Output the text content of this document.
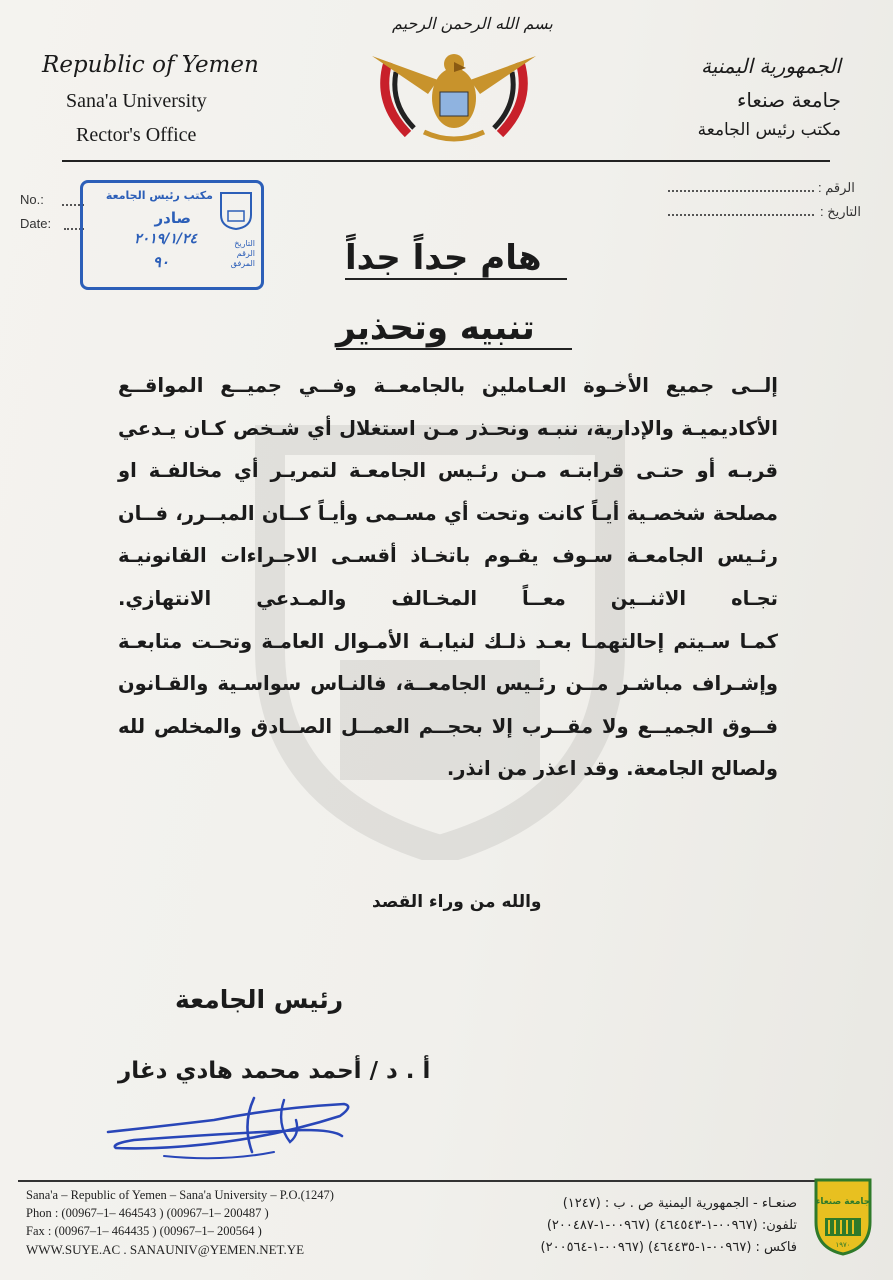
Republic of Yemen
Sana'a University
Rector's Office
بسم الله الرحمن الرحيم
الجمهورية اليمنية
جامعة صنعاء
مكتب رئيس الجامعة
No.:
Date:
الرقم :
التاريخ :
مكتب رئيس الجامعة
صادر
٢٠١٩/١/٢٤
٩٠
التاريخ
الرقم
المرفق	هام جداً جداً
تنبيه وتحذير

إلــى جميع الأخـوة العـاملين بالجامعــة وفــي جميــع المواقــع الأكاديميـة والإدارية، ننبـه ونحـذر مـن استغلال أي شـخص كـان يـدعي قربـه أو حتـى قرابتـه مـن رئـيس الجامعـة لتمريـر أي مخالفـة او مصلحة شخصـية أيـاً كانت وتحت أي مسـمى وأيـاً كــان المبــرر، فــان رئـيس الجامعـة سـوف يقـوم باتخـاذ أقسـى الاجـراءات القانونيـة تجـاه الاثنــين معــاً المخـالف والمـدعي الانتهازي.

كمـا سـيتم إحالتهمـا بعـد ذلـك لنيابـة الأمـوال العامـة وتحـت متابعـة وإشـراف مباشـر مــن رئـيس الجامعــة، فالنـاس سواسـية والقـانون فــوق الجميــع ولا مقــرب إلا بحجــم العمــل الصــادق والمخلص لله ولصالح الجامعة. وقد اعذر من انذر.

والله من وراء القصد
رئيس الجامعة
أ . د / أحمد محمد هادي دغار
Sana'a – Republic of Yemen – Sana'a University – P.O.(1247)
Phon : (00967–1– 464543 ) (00967–1– 200487 )
Fax : (00967–1– 464435 ) (00967–1– 200564 )
WWW.SUYE.AC . SANAUNIV@YEMEN.NET.YE
صنعـاء - الجمهورية اليمنية ص . ب : (١٢٤٧)
تلفون: (٠٠٩٦٧-١-٤٦٤٥٤٣) (٠٠٩٦٧-١-٢٠٠٤٨٧)
فاكس : (٠٠٩٦٧-١-٤٦٤٤٣٥) (٠٠٩٦٧-١-٢٠٠٥٦٤)
جامعة صنعاء
١٩٧٠
